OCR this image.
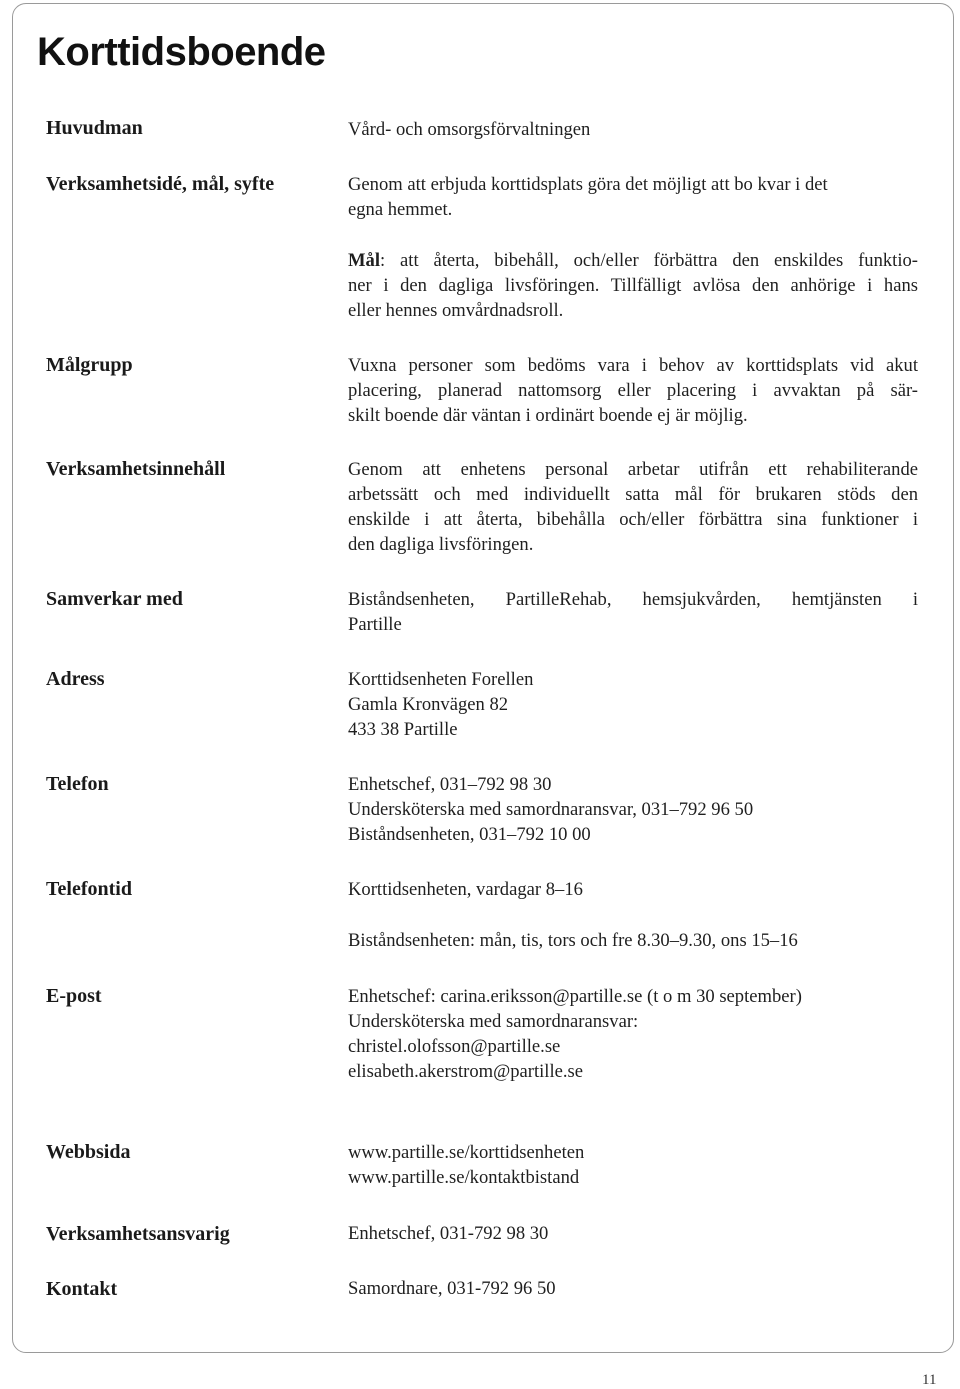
Korttidsboende
Huvudman	Vård- och omsorgsförvaltningen
Verksamhetsidé, mål, syfte	Genom att erbjuda korttidsplats göra det möjligt att bo kvar i det
egna hemmet.
Mål: att återta, bibehåll, och/eller förbättra den enskildes funktio-
ner i den dagliga livsföringen. Tillfälligt avlösa den anhörige i hans
eller hennes omvårdnadsroll.
Målgrupp	Vuxna personer som bedöms vara i behov av korttidsplats vid akut
placering, planerad nattomsorg eller placering i avvaktan på sär-
skilt boende där väntan i ordinärt boende ej är möjlig.
Verksamhetsinnehåll	Genom att enhetens personal arbetar utifrån ett rehabiliterande
arbetssätt och med individuellt satta mål för brukaren stöds den
enskilde i att återta, bibehålla och/eller förbättra sina funktioner i
den dagliga livsföringen.
Samverkar med	Biståndsenheten, PartilleRehab, hemsjukvården, hemtjänsten i
Partille
Adress	Korttidsenheten Forellen
Gamla Kronvägen 82
433 38 Partille
Telefon	Enhetschef, 031–792 98 30
Undersköterska med samordnaransvar, 031–792 96 50
Biståndsenheten, 031–792 10 00
Telefontid	Korttidsenheten, vardagar 8–16
Biståndsenheten: mån, tis, tors och fre 8.30–9.30, ons 15–16
E-post	Enhetschef: carina.eriksson@partille.se (t o m 30 september)
Undersköterska med samordnaransvar:
christel.olofsson@partille.se
elisabeth.akerstrom@partille.se
Webbsida	www.partille.se/korttidsenheten
www.partille.se/kontaktbistand
Verksamhetsansvarig	Enhetschef, 031-792 98 30
Kontakt	Samordnare, 031-792 96 50
11
